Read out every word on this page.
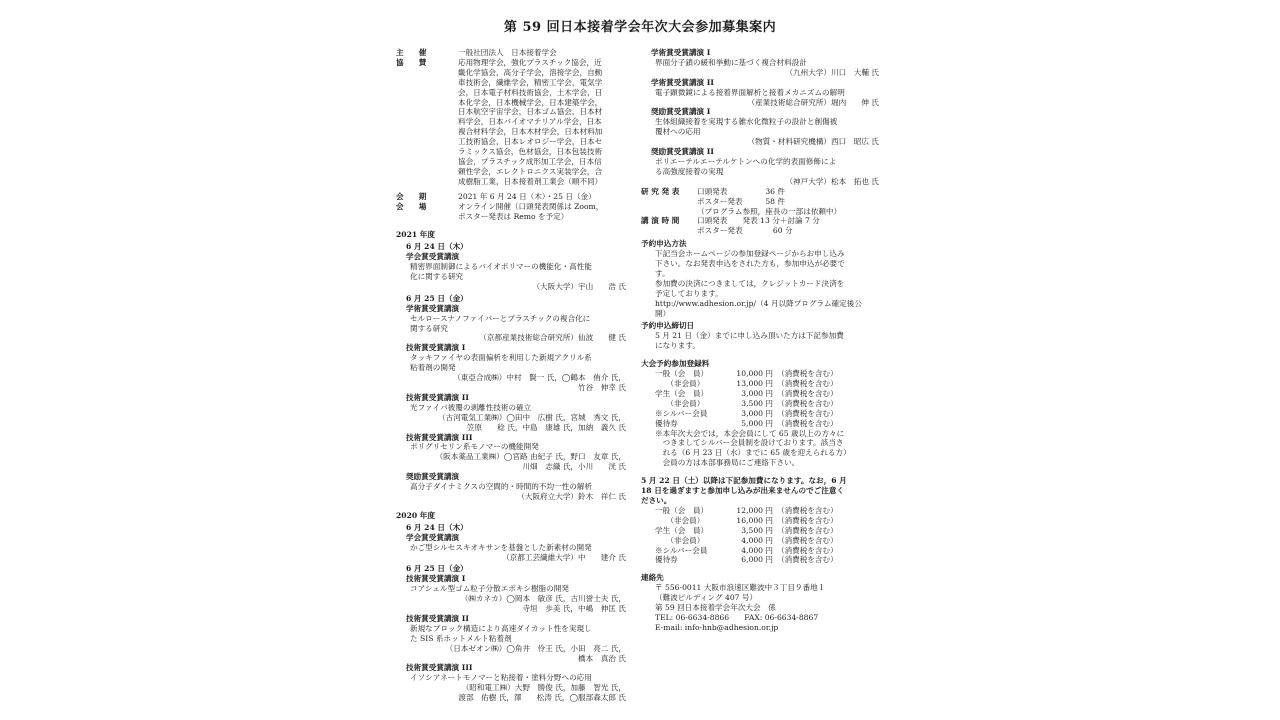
第 59 回日本接着学会年次大会参加募集案内
主　　催	一般社団法人　日本接着学会
協　　賛	応用物理学会，強化プラスチック協会，近
畿化学協会，高分子学会，溶接学会，自動
車技術会，繊維学会，精密工学会，電気学
会，日本電子材料技術協会，土木学会，日
本化学会，日本機械学会，日本建築学会，
日本航空宇宙学会，日本ゴム協会，日本材
料学会，日本バイオマテリアル学会，日本
複合材料学会，日本木材学会，日本材料加
工技術協会，日本レオロジー学会，日本セ
ラミックス協会，色材協会，日本包装技術
協会，プラスチック成形加工学会，日本信
頼性学会，エレクトロニクス実装学会，合
成樹脂工業，日本接着剤工業会（順不同）
会　　期	2021 年 6 月 24 日（木）・25 日（金）
会　　場	オンライン開催（口頭発表関係は Zoom，
ポスター発表は Remo を予定）
2021 年度
6 月 24 日（木）
学会賞受賞講演
精密界面制御によるバイオポリマーの機能化・高性能
化に関する研究
（大阪大学）宇山　　浩 氏
6 月 25 日（金）
学術賞受賞講演
セルロースナノファイバーとプラスチックの複合化に
関する研究
（京都産業技術総合研究所）仙波　　健 氏
技術賞受賞講演 I
タッキファイヤの表面偏析を利用した新規アクリル系
粘着剤の開発
（東亞合成㈱）中村　賢一 氏，◯鶴本　侑介 氏，
竹谷　伸幸 氏
技術賞受賞講演 II
光ファイバ被覆の剥離性技術の確立
（古河電気工業㈱）◯田中　広樹 氏，宮城　秀文 氏，
笠原　　稔 氏，中島　康雄 氏，加納　義久 氏
技術賞受賞講演 III
ポリグリセリン系モノマーの機能開発
（阪本薬品工業㈱）◯宮路 由紀子 氏，野口　友章 氏，
川畑　志織 氏，小川　　洸 氏
奨励賞受賞講演
高分子ダイナミクスの空間的・時間的不均一性の解析
（大阪府立大学）鈴木　祥仁 氏
2020 年度
6 月 24 日（木）
学会賞受賞講演
かご型シルセスキオキサンを基盤とした新素材の開発
（京都工芸繊維大学）中　　建介 氏
6 月 25 日（金）
技術賞受賞講演 I
コアシェル型ゴム粒子分散エポキシ樹脂の開発
（㈱カネカ）◯岡本　敏彦 氏，古川誉士夫 氏，
寺垣　歩美 氏，中嶋　伸匡 氏
技術賞受賞講演 II
新規なブロック構造により高速ダイカット性を実現し
た SIS 系ホットメルト粘着剤
（日本ゼオン㈱）◯角井　伶王 氏，小田　亮二 氏，
橋本　真治 氏
技術賞受賞講演 III
イソシアネートモノマーと粘接着・塗料分野への応用
（昭和電工㈱）大野　勝俊 氏，加藤　智光 氏，
渡部　佑樹 氏，澤　　松涛 氏，◯服部森太郎 氏
学術賞受賞講演 I
界面分子鎖の緩和挙動に基づく複合材料設計
（九州大学）川口　大輔 氏
学術賞受賞講演 II
電子顕微鏡による接着界面解析と接着メカニズムの解明
（産業技術総合研究所）堀内　　伸 氏
奨励賞受賞講演 I
生体組織接着を実現する雑水化微粒子の設計と創傷被
覆材への応用
（物質・材料研究機構）西口　昭広 氏
奨励賞受賞講演 II
ポリエーテルエーテルケトンへの化学的表面修飾によ
る高強度接着の実現
（神戸大学）松本　拓也 氏
研 究 発 表	口頭発表　　　　　36 件
ポスター発表　　　58 件
（プログラム参照，座長の一部は依頼中）
講 演 時 間	口頭発表　　発表 13 分＋討論 7 分
ポスター発表　　　　60 分
予約申込方法
下記当会ホームページの参加登録ページからお申し込み
下さい。なお発表申込をされた方も，参加申込が必要で
す。
参加費の決済につきましては，クレジットカード決済を
予定しております。
http://www.adhesion.or.jp/（4 月以降プログラム確定後公
開）
予約申込締切日
5 月 21 日（金）までに申し込み頂いた方は下記参加費
になります。
大会予約参加登録料
一般（会　員）	10,000 円 （消費税を含む）
　　（非会員）	13,000 円 （消費税を含む）
学生（会　員）	3,000 円 （消費税を含む）
　　（非会員）	3,500 円 （消費税を含む）
※シルバー会員	3,000 円 （消費税を含む）
優待券	5,000 円 （消費税を含む）
※本年次大会では，本会会員にして 65 歳以上の方々に
　つきましてシルバー会員制を設けております。該当さ
　れる（6 月 23 日（水）までに 65 歳を迎えられる方）
　会員の方は本部事務局にご連絡下さい。
5 月 22 日（土）以降は下記参加費になります。なお，6 月
18 日を過ぎますと参加申し込みが出来ませんのでご注意く
ださい。
一般（会　員）	12,000 円 （消費税を含む）
　　（非会員）	16,000 円 （消費税を含む）
学生（会　員）	3,500 円 （消費税を含む）
　　（非会員）	4,000 円 （消費税を含む）
※シルバー会員	4,000 円 （消費税を含む）
優待券	6,000 円 （消費税を含む）
連絡先
〒 556-0011 大阪市浪速区難波中３丁目９番地１
（難波ビルディング 407 号）
第 59 回日本接着学会年次大会　係
TEL: 06-6634-8866　　FAX: 06-6634-8867
E-mail: info-hnb@adhesion.or.jp
